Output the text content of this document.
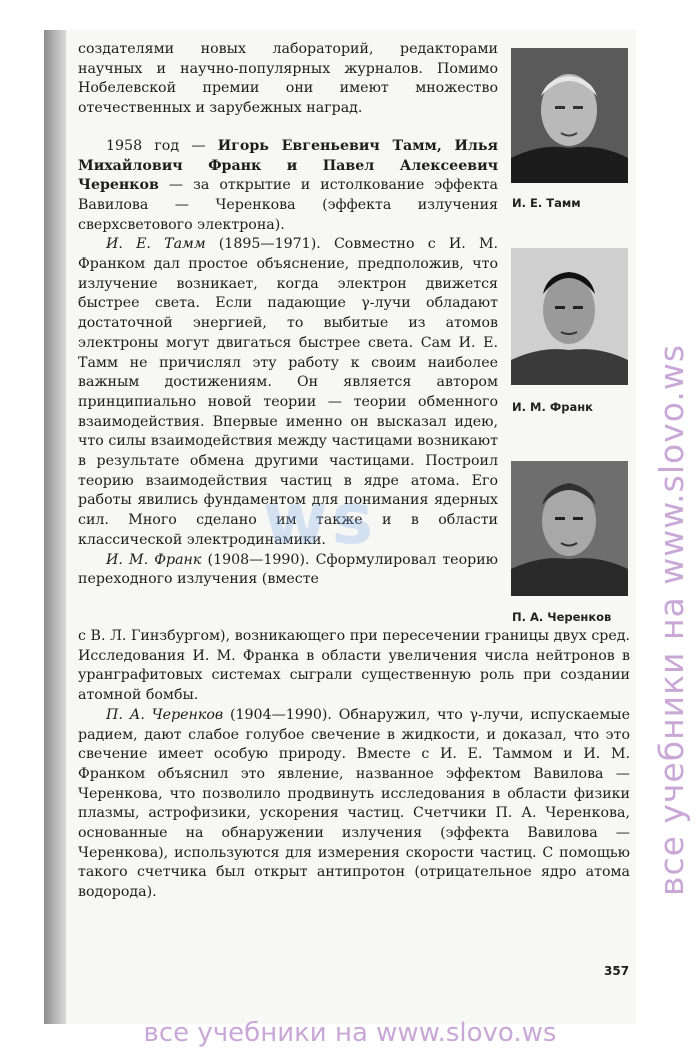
создателями новых лабораторий, редакторами научных и научно-популярных журналов. Помимо Нобелевской премии они имеют множество отечественных и зарубежных наград.

1958 год — Игорь Евгеньевич Тамм, Илья Михайлович Франк и Павел Алексеевич Черенков — за открытие и истолкование эффекта Вавилова — Черенкова (эффекта излучения сверхсветового электрона).

И. Е. Тамм (1895—1971). Совместно с И. М. Франком дал простое объяснение, предположив, что излучение возникает, когда электрон движется быстрее света. Если падающие γ-лучи обладают достаточной энергией, то выбитые из атомов электроны могут двигаться быстрее света. Сам И. Е. Тамм не причислял эту работу к своим наиболее важным достижениям. Он является автором принципиально новой теории — теории обменного взаимодействия. Впервые именно он высказал идею, что силы взаимодействия между частицами возникают в результате обмена другими частицами. Построил теорию взаимодействия частиц в ядре атома. Его работы явились фундаментом для понимания ядерных сил. Много сделано им также и в области классической электродинамики.

И. М. Франк (1908—1990). Сформулировал теорию переходного излучения (вместе

с В. Л. Гинзбургом), возникающего при пересечении границы двух сред. Исследования И. М. Франка в области увеличения числа нейтронов в уранграфитовых системах сыграли существенную роль при создании атомной бомбы.

П. А. Черенков (1904—1990). Обнаружил, что γ-лучи, испускаемые радием, дают слабое голубое свечение в жидкости, и доказал, что это свечение имеет особую природу. Вместе с И. Е. Таммом и И. М. Франком объяснил это явление, названное эффектом Вавилова — Черенкова, что позволило продвинуть исследования в области физики плазмы, астрофизики, ускорения частиц. Счетчики П. А. Черенкова, основанные на обнаружении излучения (эффекта Вавилова — Черенкова), используются для измерения скорости частиц. С помощью такого счетчика был открыт антипротон (отрицательное ядро атома водорода).

И. Е. Тамм
И. М. Франк
П. А. Черенков
357
ws	все учебники на www.slovo.ws
все учебники на www.slovo.ws
